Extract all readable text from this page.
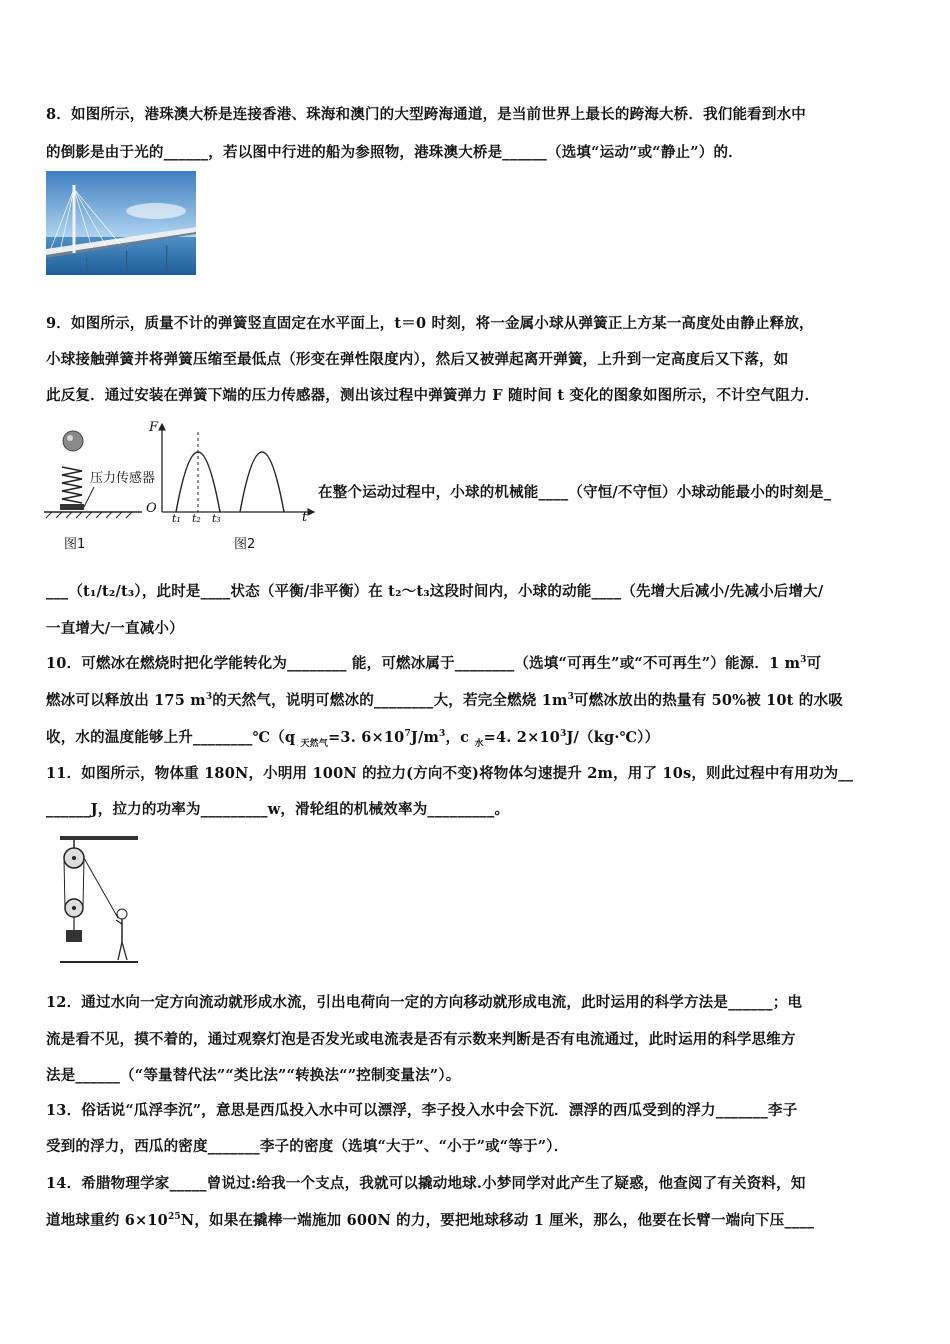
8．如图所示，港珠澳大桥是连接香港、珠海和澳门的大型跨海通道，是当前世界上最长的跨海大桥．我们能看到水中
的倒影是由于光的______，若以图中行进的船为参照物，港珠澳大桥是______（选填“运动”或“静止”）的．
9．如图所示，质量不计的弹簧竖直固定在水平面上，t＝0 时刻，将一金属小球从弹簧正上方某一高度处由静止释放，
小球接触弹簧并将弹簧压缩至最低点（形变在弹性限度内），然后又被弹起离开弹簧，上升到一定高度后又下落，如
此反复．通过安装在弹簧下端的压力传感器，测出该过程中弹簧弹力 F 随时间 t 变化的图象如图所示，不计空气阻力．
压力传感器
图1
F
O
t
t₁ t₂ t₃
图2
在整个运动过程中，小球的机械能____（守恒/不守恒）小球动能最小的时刻是_
___（t₁/t₂/t₃），此时是____状态（平衡/非平衡）在 t₂～t₃这段时间内，小球的动能____（先增大后减小/先减小后增大/
一直增大/一直减小）
10．可燃冰在燃烧时把化学能转化为________ 能，可燃冰属于________（选填“可再生”或“不可再生”）能源．1 $m^3$可
燃冰可以释放出 175 $m^3$的天然气，说明可燃冰的________大，若完全燃烧 $1m^3$可燃冰放出的热量有 50%被 10t 的水吸
收，水的温度能够上升________℃（q $_{天然气}$=3. $6\times 10^7J/m^3$，c $_水$=4. $2\times 10^3J/(kg\cdot℃)$）
11．如图所示，物体重 180N，小明用 100N 的拉力(方向不变)将物体匀速提升 2m，用了 10s，则此过程中有用功为__
______J，拉力的功率为_________w，滑轮组的机械效率为_________。
12．通过水向一定方向流动就形成水流，引出电荷向一定的方向移动就形成电流，此时运用的科学方法是______；电
流是看不见，摸不着的，通过观察灯泡是否发光或电流表是否有示数来判断是否有电流通过，此时运用的科学思维方
法是______（“等量替代法”“类比法”“转换法“”控制变量法”）。
13．俗话说“瓜浮李沉”，意思是西瓜投入水中可以漂浮，李子投入水中会下沉．漂浮的西瓜受到的浮力_______李子
受到的浮力，西瓜的密度_______李子的密度（选填“大于”、“小于”或“等于”）．
14．希腊物理学家_____曾说过:给我一个支点，我就可以撬动地球.小梦同学对此产生了疑惑，他查阅了有关资料，知
道地球重约 $6\times 10^{25}N$，如果在撬棒一端施加 600N 的力，要把地球移动 1 厘米，那么，他要在长臂一端向下压____
